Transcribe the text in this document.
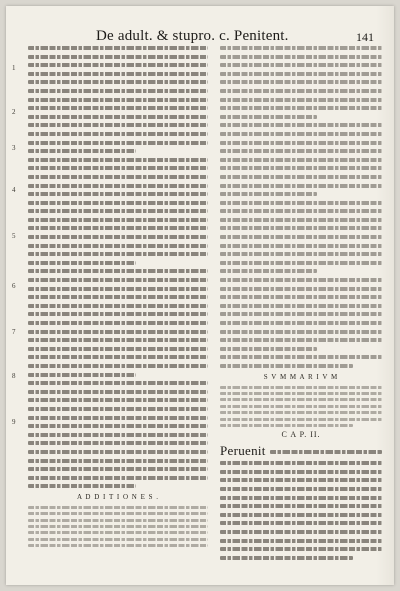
De adult. & stupro. c. Penitent.	141
1
2
3
4
5
6
7
8
9
A D D I T I O N E S .
S V M M A R I V M
C A P. II.
Peruenit
